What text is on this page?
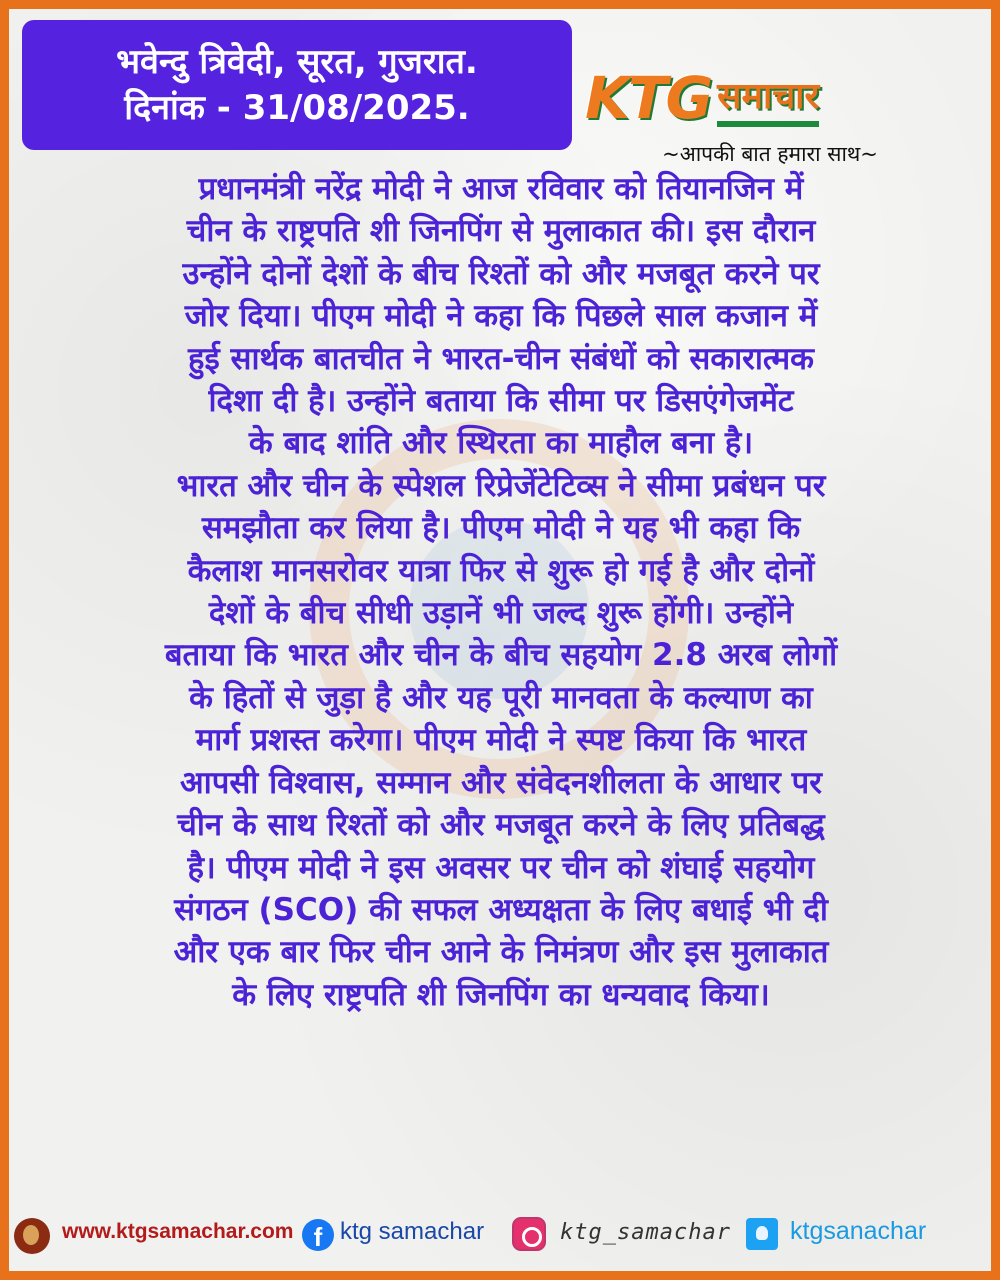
भवेन्दु त्रिवेदी, सूरत, गुजरात.
दिनांक - 31/08/2025.	KTG समाचार
~आपकी बात हमारा साथ~
प्रधानमंत्री नरेंद्र मोदी ने आज रविवार को तियानजिन में
चीन के राष्ट्रपति शी जिनपिंग से मुलाकात की। इस दौरान
उन्होंने दोनों देशों के बीच रिश्तों को और मजबूत करने पर
जोर दिया। पीएम मोदी ने कहा कि पिछले साल कजान में
हुई सार्थक बातचीत ने भारत-चीन संबंधों को सकारात्मक
दिशा दी है। उन्होंने बताया कि सीमा पर डिसएंगेजमेंट
के बाद शांति और स्थिरता का माहौल बना है।
भारत और चीन के स्पेशल रिप्रेजेंटेटिव्स ने सीमा प्रबंधन पर
समझौता कर लिया है। पीएम मोदी ने यह भी कहा कि
कैलाश मानसरोवर यात्रा फिर से शुरू हो गई है और दोनों
देशों के बीच सीधी उड़ानें भी जल्द शुरू होंगी। उन्होंने
बताया कि भारत और चीन के बीच सहयोग 2.8 अरब लोगों
के हितों से जुड़ा है और यह पूरी मानवता के कल्याण का
मार्ग प्रशस्त करेगा। पीएम मोदी ने स्पष्ट किया कि भारत
आपसी विश्वास, सम्मान और संवेदनशीलता के आधार पर
चीन के साथ रिश्तों को और मजबूत करने के लिए प्रतिबद्ध
है। पीएम मोदी ने इस अवसर पर चीन को शंघाई सहयोग
संगठन (SCO) की सफल अध्यक्षता के लिए बधाई भी दी
और एक बार फिर चीन आने के निमंत्रण और इस मुलाकात
के लिए राष्ट्रपति शी जिनपिंग का धन्यवाद किया।
www.ktgsamachar.com f ktg samachar	ktg_samachar ktgsanachar
